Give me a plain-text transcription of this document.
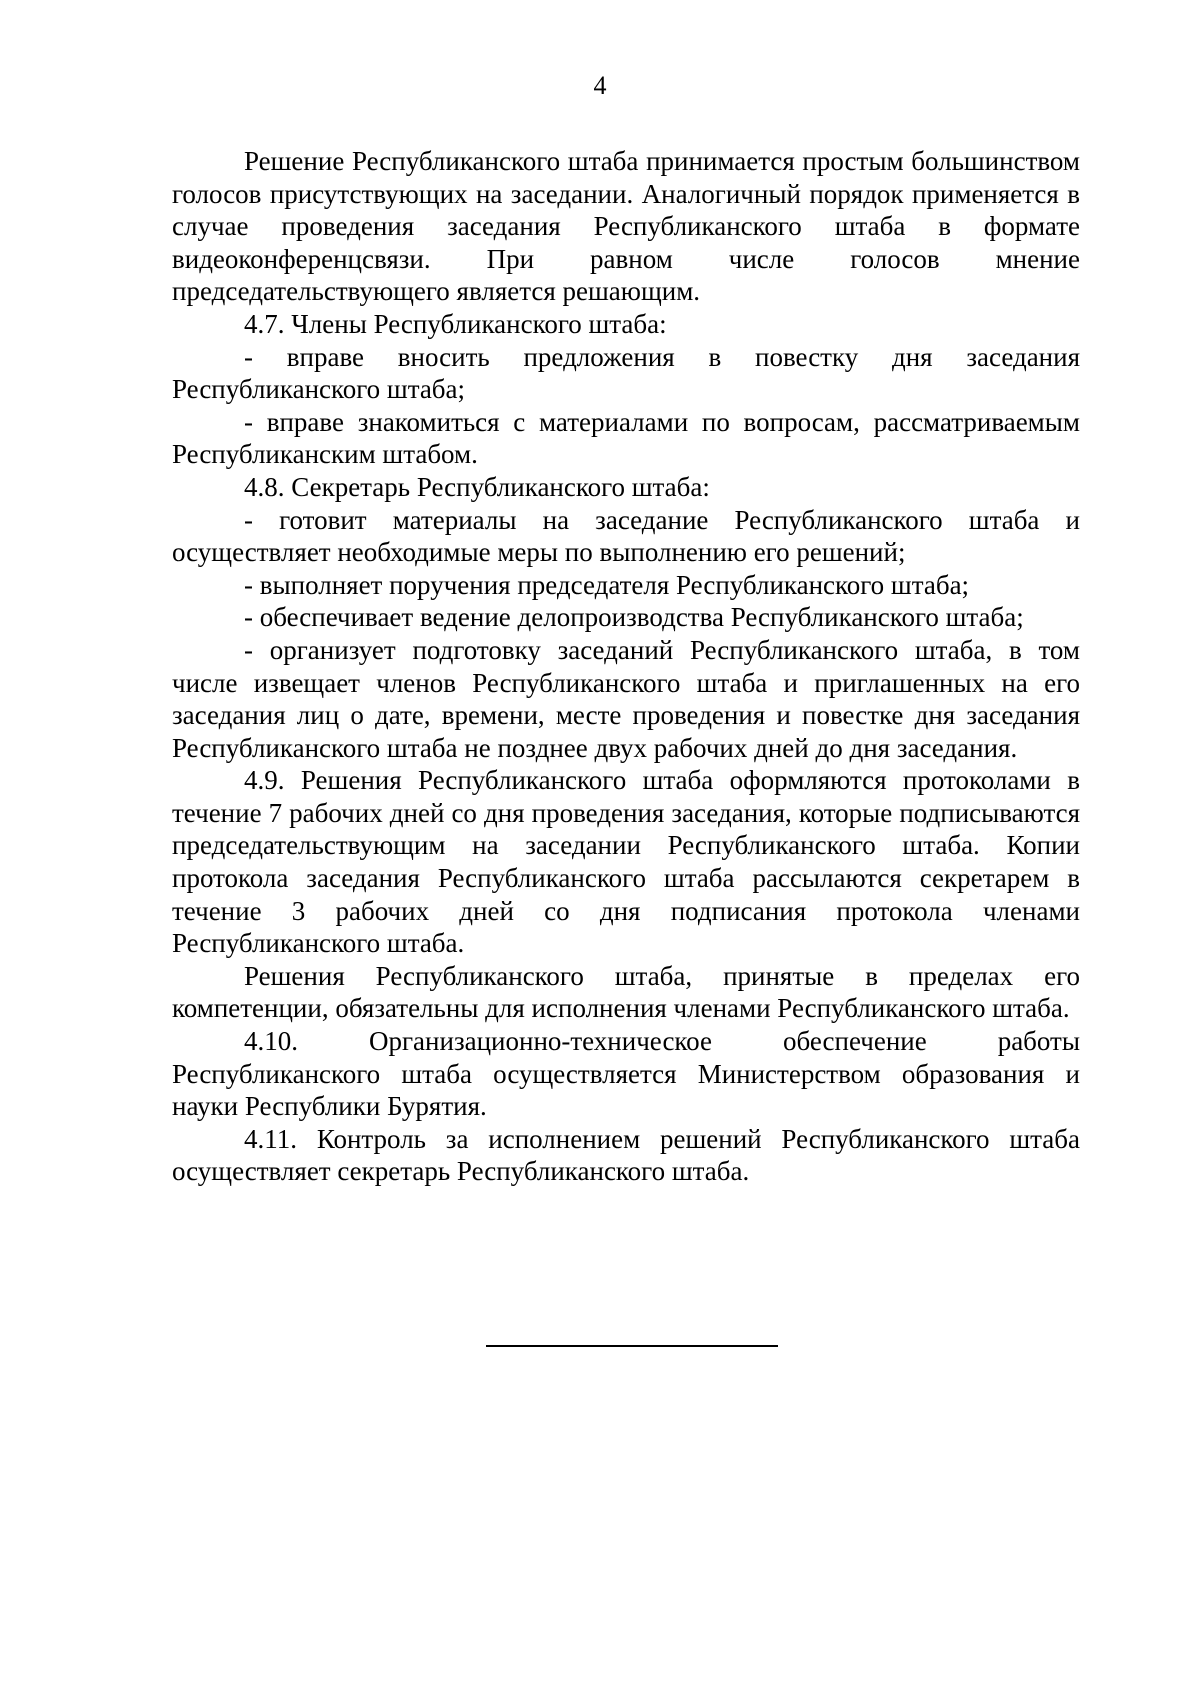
4

Решение Республиканского штаба принимается простым большинством голосов присутствующих на заседании. Аналогичный порядок применяется в случае проведения заседания Республиканского штаба в формате видеоконференцсвязи. При равном числе голосов мнение председательствующего является решающим.

4.7. Члены Республиканского штаба:

- вправе вносить предложения в повестку дня заседания Республиканского штаба;

- вправе знакомиться с материалами по вопросам, рассматриваемым Республиканским штабом.

4.8. Секретарь Республиканского штаба:

- готовит материалы на заседание Республиканского штаба и осуществляет необходимые меры по выполнению его решений;

- выполняет поручения председателя Республиканского штаба;

- обеспечивает ведение делопроизводства Республиканского штаба;

- организует подготовку заседаний Республиканского штаба, в том числе извещает членов Республиканского штаба и приглашенных на его заседания лиц о дате, времени, месте проведения и повестке дня заседания Республиканского штаба не позднее двух рабочих дней до дня заседания.

4.9. Решения Республиканского штаба оформляются протоколами в течение 7 рабочих дней со дня проведения заседания, которые подписываются председательствующим на заседании Республиканского штаба. Копии протокола заседания Республиканского штаба рассылаются секретарем в течение 3 рабочих дней со дня подписания протокола членами Республиканского штаба.

Решения Республиканского штаба, принятые в пределах его компетенции, обязательны для исполнения членами Республиканского штаба.

4.10. Организационно-техническое обеспечение работы Республиканского штаба осуществляется Министерством образования и науки Республики Бурятия.

4.11. Контроль за исполнением решений Республиканского штаба осуществляет секретарь Республиканского штаба.
